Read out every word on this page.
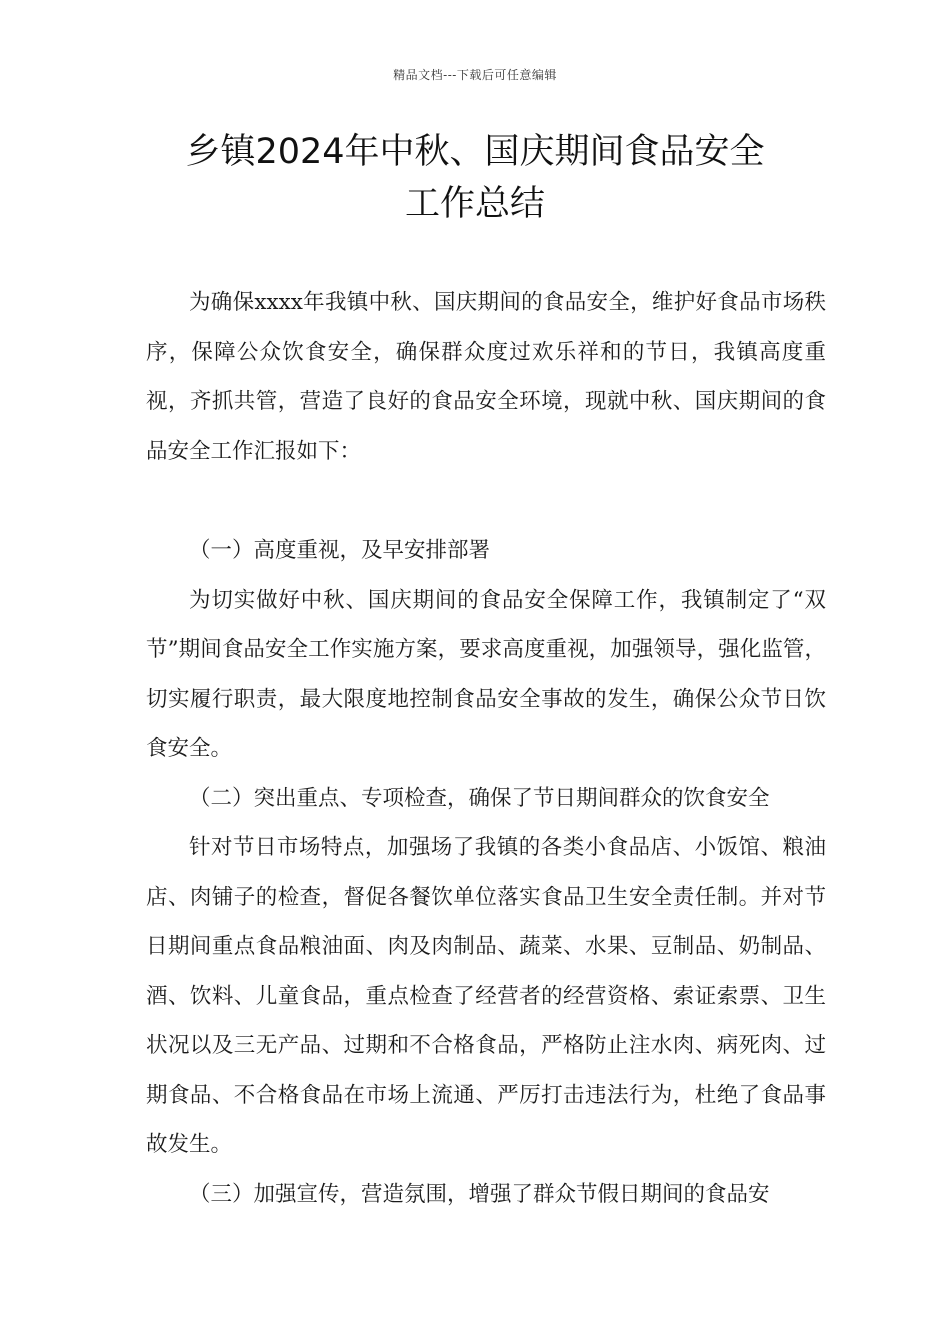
精品文档---下载后可任意编辑
乡镇2024年中秋、国庆期间食品安全
工作总结

为确保xxxx年我镇中秋、国庆期间的食品安全，维护好食品市场秩序，保障公众饮食安全，确保群众度过欢乐祥和的节日，我镇高度重视，齐抓共管，营造了良好的食品安全环境，现就中秋、国庆期间的食品安全工作汇报如下：

（一）高度重视，及早安排部署

为切实做好中秋、国庆期间的食品安全保障工作，我镇制定了“双节”期间食品安全工作实施方案，要求高度重视，加强领导，强化监管，切实履行职责，最大限度地控制食品安全事故的发生，确保公众节日饮食安全。

（二）突出重点、专项检查，确保了节日期间群众的饮食安全

针对节日市场特点，加强场了我镇的各类小食品店、小饭馆、粮油店、肉铺子的检查，督促各餐饮单位落实食品卫生安全责任制。并对节日期间重点食品粮油面、肉及肉制品、蔬菜、水果、豆制品、奶制品、酒、饮料、儿童食品，重点检查了经营者的经营资格、索证索票、卫生状况以及三无产品、过期和不合格食品，严格防止注水肉、病死肉、过期食品、不合格食品在市场上流通、严厉打击违法行为，杜绝了食品事故发生。

（三）加强宣传，营造氛围，增强了群众节假日期间的食品安
